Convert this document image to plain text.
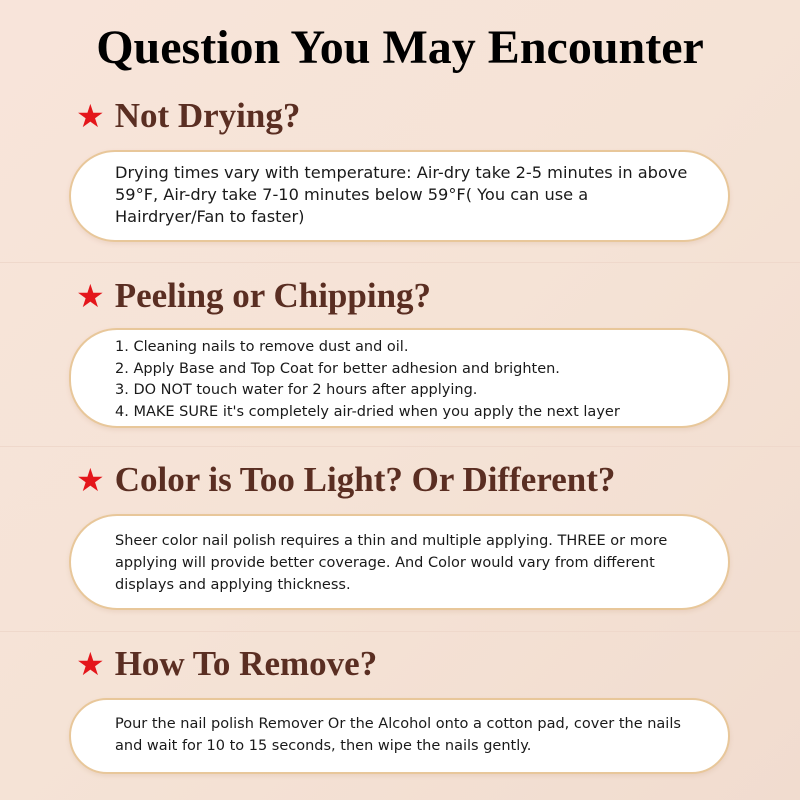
Question You May Encounter
★ Not Drying?
Drying times vary with temperature: Air-dry take 2-5 minutes in above
59°F, Air-dry take 7-10 minutes below 59°F( You can use a
Hairdryer/Fan to faster)
★ Peeling or Chipping?
1. Cleaning nails to remove dust and oil.
2. Apply Base and Top Coat for better adhesion and brighten.
3. DO NOT touch water for 2 hours after applying.
4. MAKE SURE it's completely air-dried when you apply the next layer
★ Color is Too Light? Or Different?
Sheer color nail polish requires a thin and multiple applying. THREE or more
applying will provide better coverage. And Color would vary from different
displays and applying thickness.
★ How To Remove?
Pour the nail polish Remover Or the Alcohol onto a cotton pad, cover the nails
and wait for 10 to 15 seconds, then wipe the nails gently.
